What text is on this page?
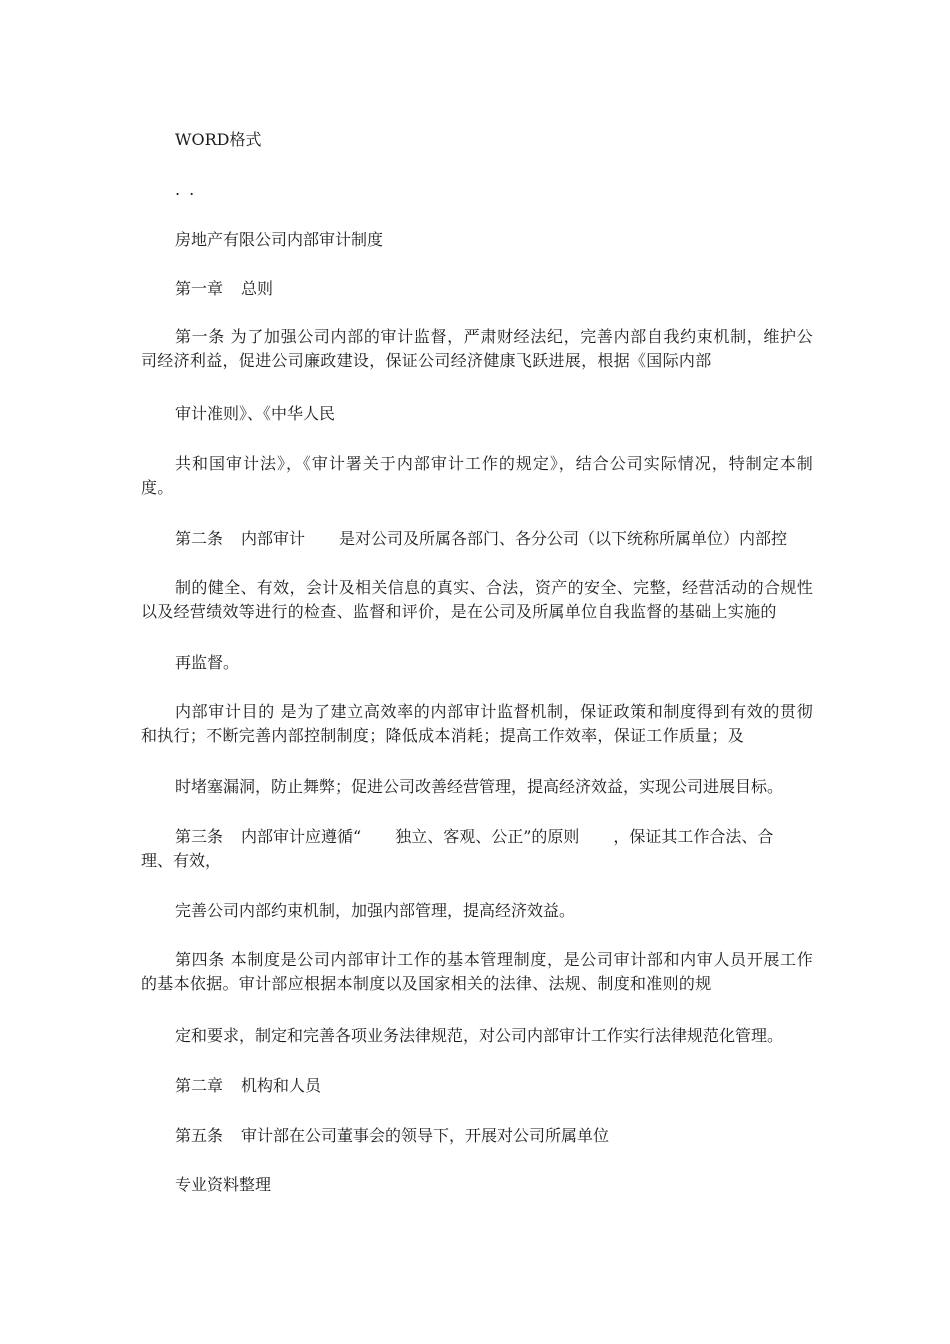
WORD格式
. .
房地产有限公司内部审计制度
第一章 总则
第一条 为了加强公司内部的审计监督，严肃财经法纪，完善内部自我约束机制，维护公司经济利益，促进公司廉政建设，保证公司经济健康飞跃进展，根据《国际内部
审计准则》、《中华人民
共和国审计法》，《审计署关于内部审计工作的规定》，结合公司实际情况，特制定本制度。
第二条 内部审计 是对公司及所属各部门、各分公司（以下统称所属单位）内部控
制的健全、有效，会计及相关信息的真实、合法，资产的安全、完整，经营活动的合规性以及经营绩效等进行的检查、监督和评价，是在公司及所属单位自我监督的基础上实施的
再监督。
内部审计目的 是为了建立高效率的内部审计监督机制，保证政策和制度得到有效的贯彻和执行；不断完善内部控制制度；降低成本消耗；提高工作效率，保证工作质量；及
时堵塞漏洞，防止舞弊；促进公司改善经营管理，提高经济效益，实现公司进展目标。
第三条 内部审计应遵循“ 独立、客观、公正”的原则 ，保证其工作合法、合
理、有效，
完善公司内部约束机制，加强内部管理，提高经济效益。
第四条 本制度是公司内部审计工作的基本管理制度，是公司审计部和内审人员开展工作的基本依据。审计部应根据本制度以及国家相关的法律、法规、制度和准则的规
定和要求，制定和完善各项业务法律规范，对公司内部审计工作实行法律规范化管理。
第二章 机构和人员
第五条 审计部在公司董事会的领导下，开展对公司所属单位
专业资料整理
